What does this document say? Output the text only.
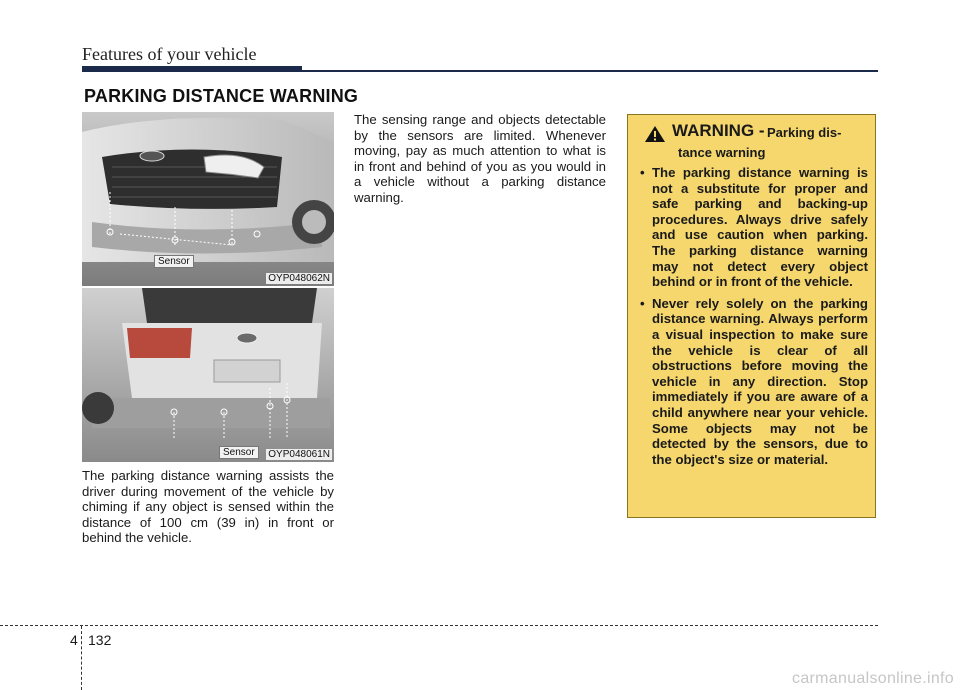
Features of your vehicle
PARKING DISTANCE WARNING
Sensor
OYP048062N
Sensor	OYP048061N
The parking distance warning assists the driver during movement of the vehicle by chiming if any object is sensed within the distance of 100 cm (39 in) in front or behind the vehicle.
The sensing range and objects detectable by the sensors are limited. Whenever moving, pay as much attention to what is in front and behind of you as you would in a vehicle without a parking distance warning.
WARNING - Parking dis-
tance warning
• The parking distance warning is not a substitute for proper and safe parking and backing-up procedures. Always drive safely and use caution when parking. The parking distance warning may not detect every object behind or in front of the vehicle.
• Never rely solely on the parking distance warning. Always perform a visual inspection to make sure the vehicle is clear of all obstructions before moving the vehicle in any direction. Stop immediately if you are aware of a child anywhere near your vehicle. Some objects may not be detected by the sensors, due to the object's size or material.
4 132
carmanualsonline.info
